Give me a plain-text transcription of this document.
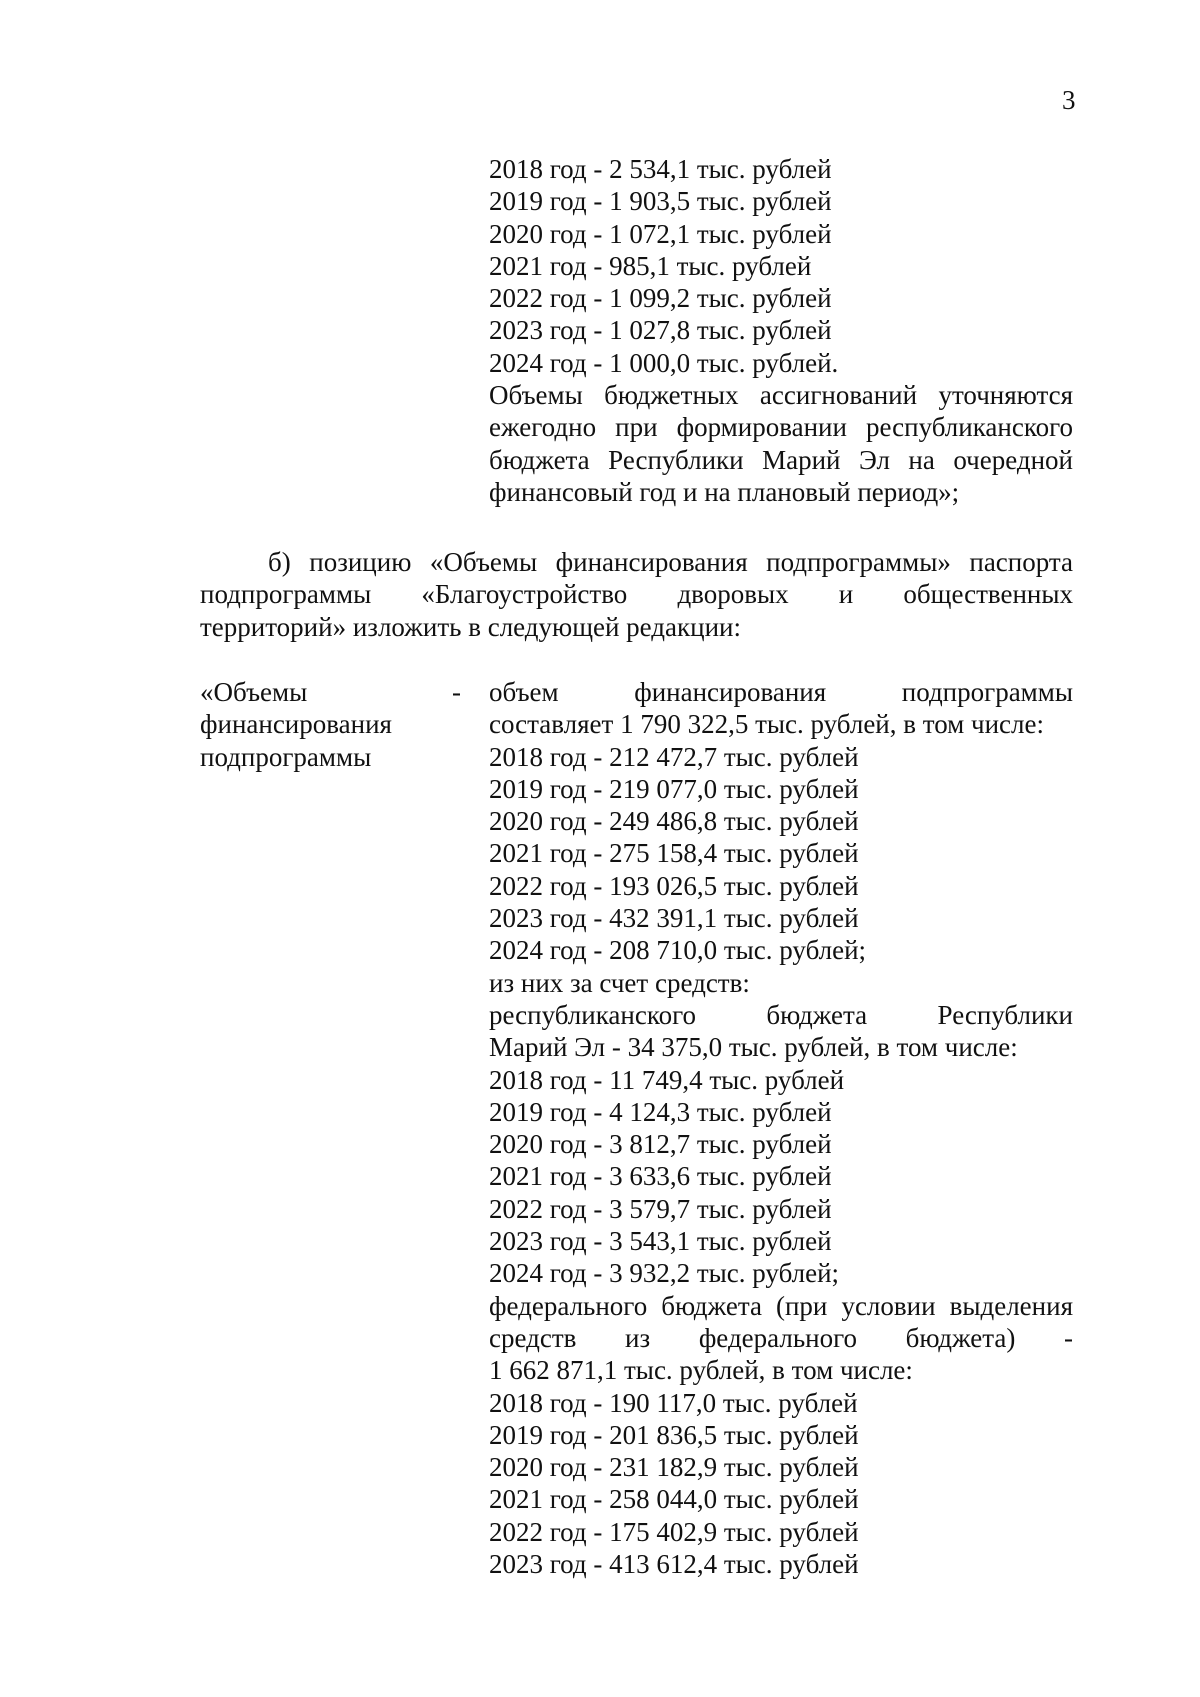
3
2018 год - 2 534,1 тыс. рублей
2019 год - 1 903,5 тыс. рублей
2020 год - 1 072,1 тыс. рублей
2021 год - 985,1 тыс. рублей
2022 год - 1 099,2 тыс. рублей
2023 год - 1 027,8 тыс. рублей
2024 год - 1 000,0 тыс. рублей.
Объемы бюджетных ассигнований уточняются
ежегодно при формировании республиканского
бюджета Республики Марий Эл на очередной
финансовый год и на плановый период»;
б) позицию «Объемы финансирования подпрограммы» паспорта
подпрограммы «Благоустройство дворовых и общественных
территорий» изложить в следующей редакции:
«Объемы
финансирования
подпрограммы
- объем финансирования подпрограммы
составляет 1 790 322,5 тыс. рублей, в том числе:
2018 год - 212 472,7 тыс. рублей
2019 год - 219 077,0 тыс. рублей
2020 год - 249 486,8 тыс. рублей
2021 год - 275 158,4 тыс. рублей
2022 год - 193 026,5 тыс. рублей
2023 год - 432 391,1 тыс. рублей
2024 год - 208 710,0 тыс. рублей;
из них за счет средств:
республиканского бюджета Республики
Марий Эл - 34 375,0 тыс. рублей, в том числе:
2018 год - 11 749,4 тыс. рублей
2019 год - 4 124,3 тыс. рублей
2020 год - 3 812,7 тыс. рублей
2021 год - 3 633,6 тыс. рублей
2022 год - 3 579,7 тыс. рублей
2023 год - 3 543,1 тыс. рублей
2024 год - 3 932,2 тыс. рублей;
федерального бюджета (при условии выделения
средств из федерального бюджета) -
1 662 871,1 тыс. рублей, в том числе:
2018 год - 190 117,0 тыс. рублей
2019 год - 201 836,5 тыс. рублей
2020 год - 231 182,9 тыс. рублей
2021 год - 258 044,0 тыс. рублей
2022 год - 175 402,9 тыс. рублей
2023 год - 413 612,4 тыс. рублей
